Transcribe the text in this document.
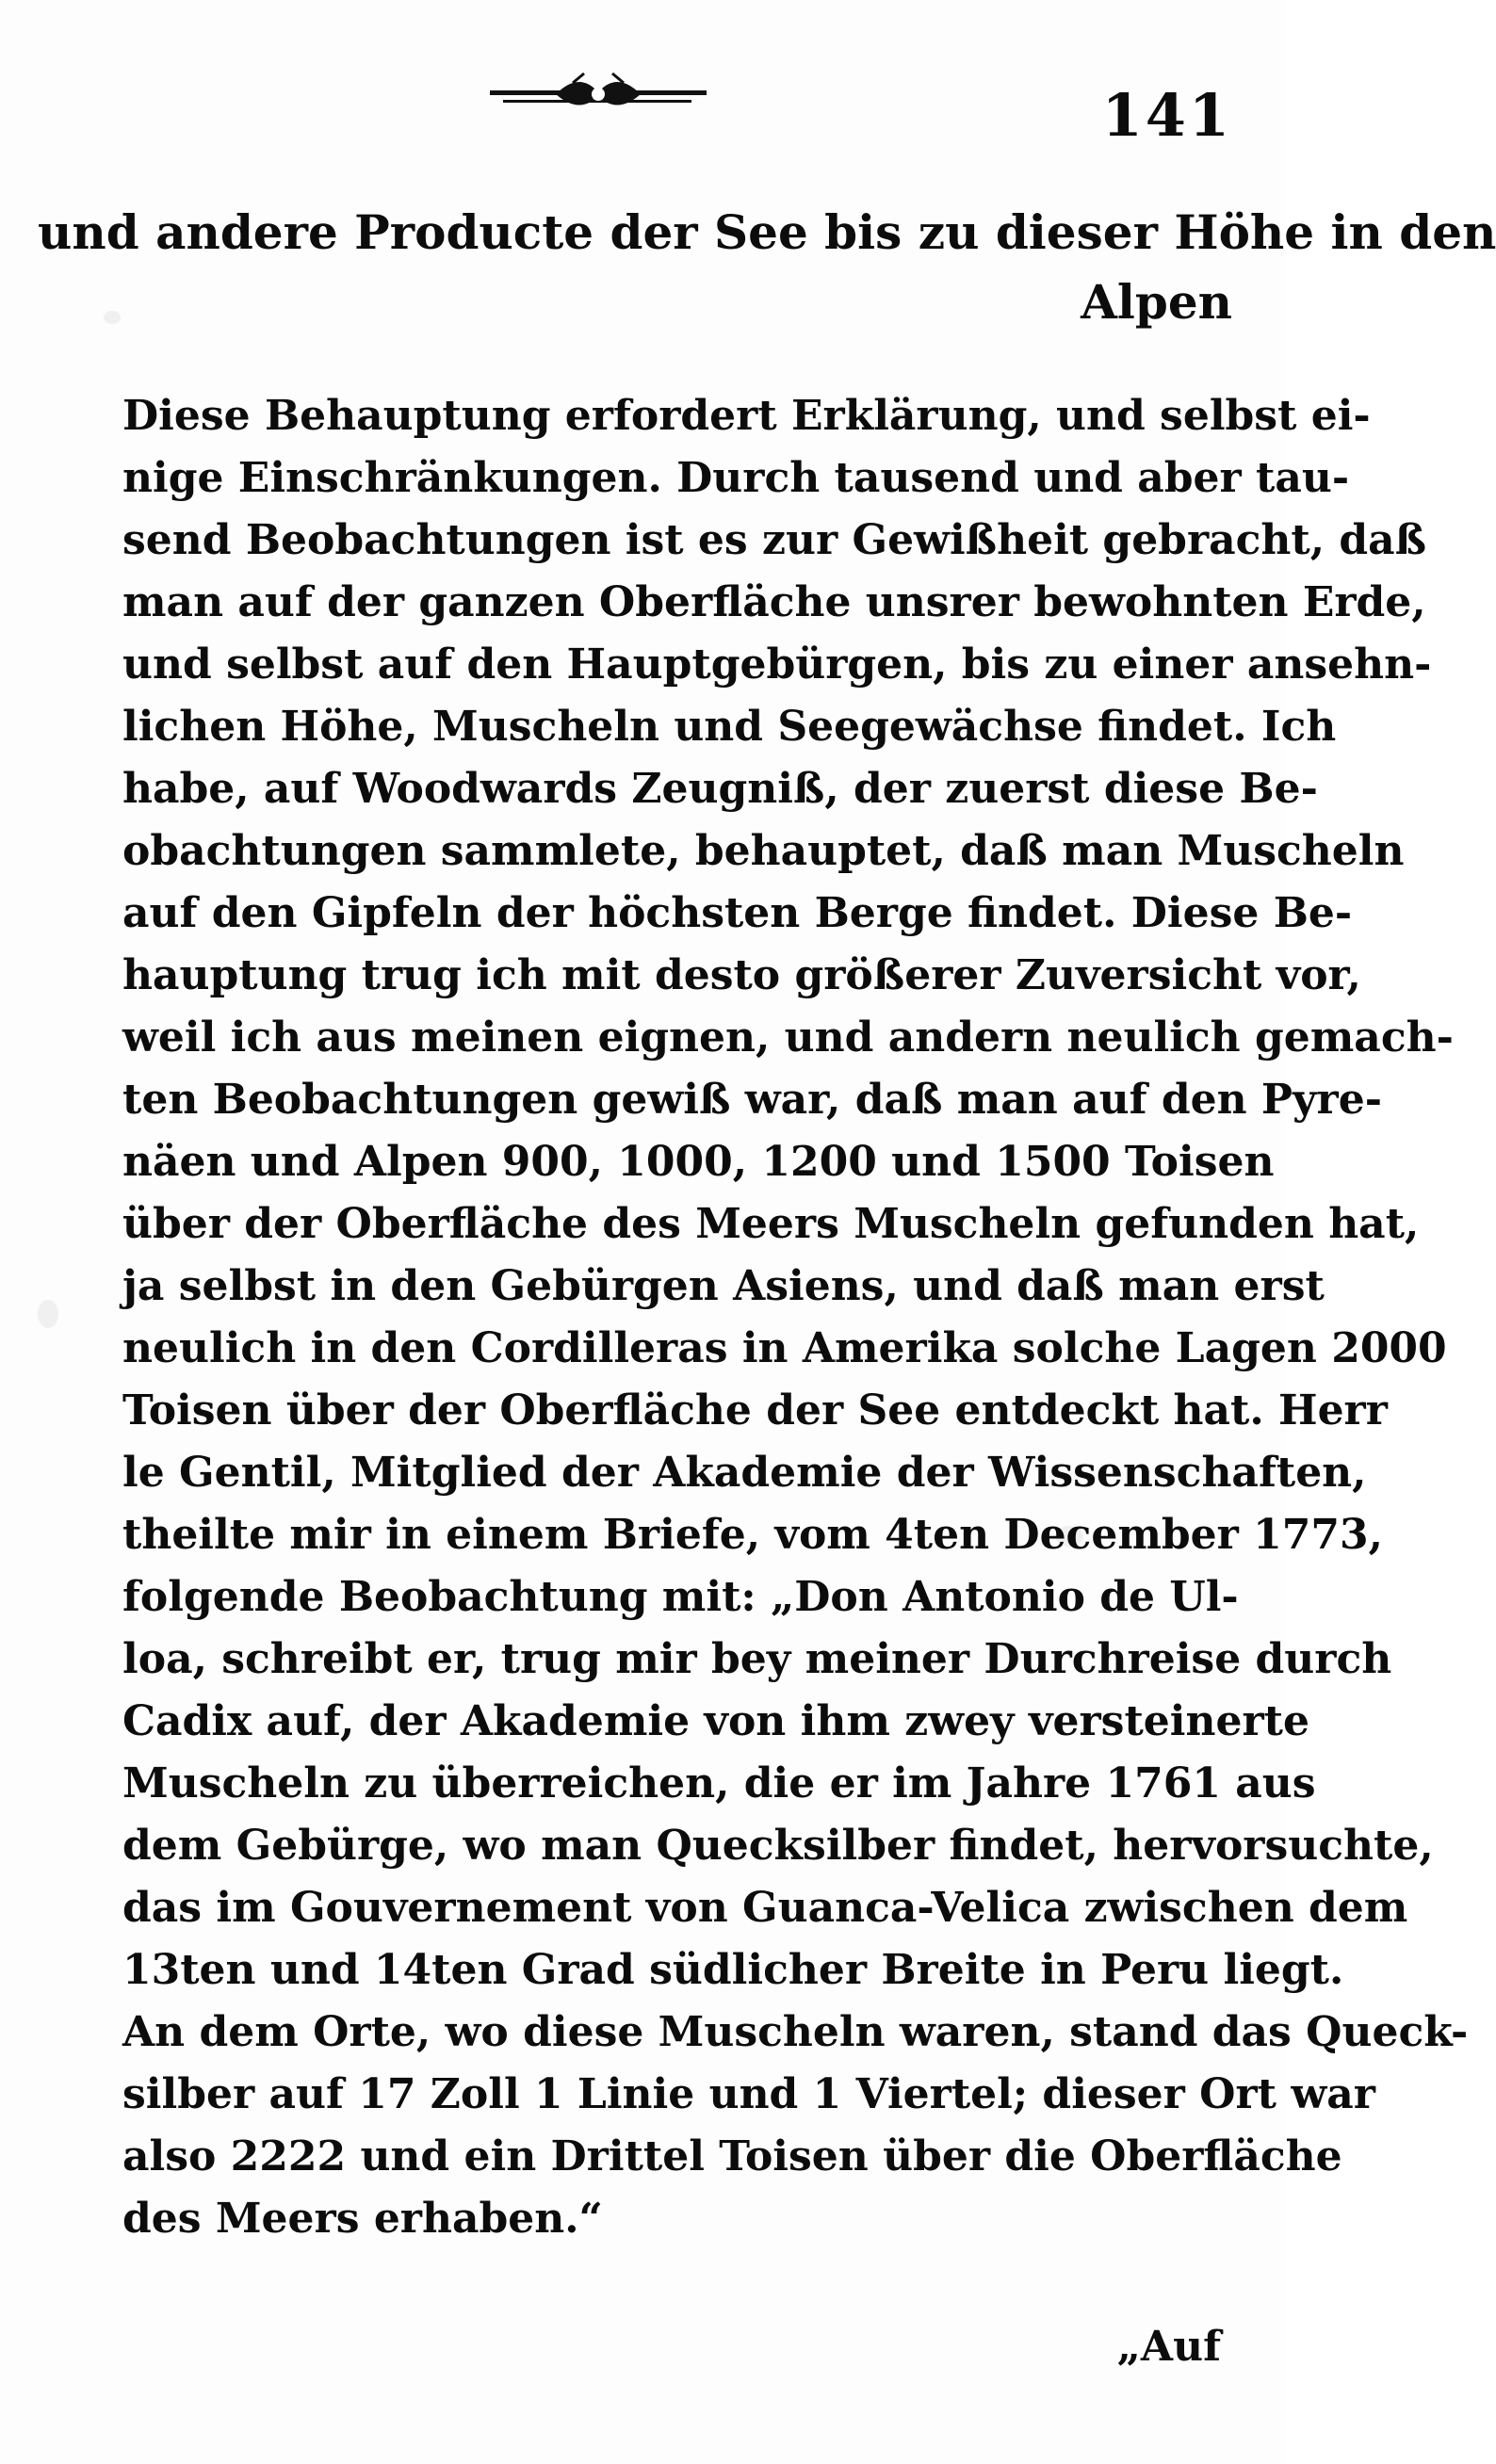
141
und andere Producte der See bis zu dieser Höhe in den
Alpen
Diese Behauptung erfordert Erklärung, und selbst ei-
nige Einschränkungen. Durch tausend und aber tau-
send Beobachtungen ist es zur Gewißheit gebracht, daß
man auf der ganzen Oberfläche unsrer bewohnten Erde,
und selbst auf den Hauptgebürgen, bis zu einer ansehn-
lichen Höhe, Muscheln und Seegewächse findet. Ich
habe, auf Woodwards Zeugniß, der zuerst diese Be-
obachtungen sammlete, behauptet, daß man Muscheln
auf den Gipfeln der höchsten Berge findet. Diese Be-
hauptung trug ich mit desto größerer Zuversicht vor,
weil ich aus meinen eignen, und andern neulich gemach-
ten Beobachtungen gewiß war, daß man auf den Pyre-
näen und Alpen 900, 1000, 1200 und 1500 Toisen
über der Oberfläche des Meers Muscheln gefunden hat,
ja selbst in den Gebürgen Asiens, und daß man erst
neulich in den Cordilleras in Amerika solche Lagen 2000
Toisen über der Oberfläche der See entdeckt hat. Herr
le Gentil, Mitglied der Akademie der Wissenschaften,
theilte mir in einem Briefe, vom 4ten December 1773,
folgende Beobachtung mit: „Don Antonio de Ul-
loa, schreibt er, trug mir bey meiner Durchreise durch
Cadix auf, der Akademie von ihm zwey versteinerte
Muscheln zu überreichen, die er im Jahre 1761 aus
dem Gebürge, wo man Quecksilber findet, hervorsuchte,
das im Gouvernement von Guanca-Velica zwischen dem
13ten und 14ten Grad südlicher Breite in Peru liegt.
An dem Orte, wo diese Muscheln waren, stand das Queck-
silber auf 17 Zoll 1 Linie und 1 Viertel; dieser Ort war
also 2222 und ein Drittel Toisen über die Oberfläche
des Meers erhaben.“
„Auf
